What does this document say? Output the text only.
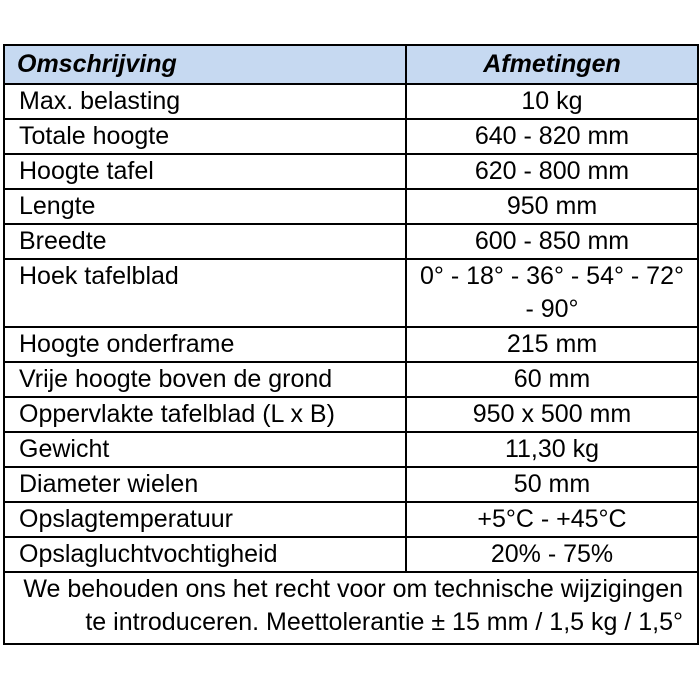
Omschrijving	Afmetingen
Max. belasting	10 kg
Totale hoogte	640 - 820 mm
Hoogte tafel	620 - 800 mm
Lengte	950 mm
Breedte	600 - 850 mm
Hoek tafelblad	0° - 18° - 36° - 54° - 72° - 90°
Hoogte onderframe	215 mm
Vrije hoogte boven de grond	60 mm
Oppervlakte tafelblad (L x B)	950 x 500 mm
Gewicht	11,30 kg
Diameter wielen	50 mm
Opslagtemperatuur	+5°C - +45°C
Opslagluchtvochtigheid	20% - 75%
We behouden ons het recht voor om technische wijzigingen te introduceren. Meettolerantie ± 15 mm / 1,5 kg / 1,5°	
